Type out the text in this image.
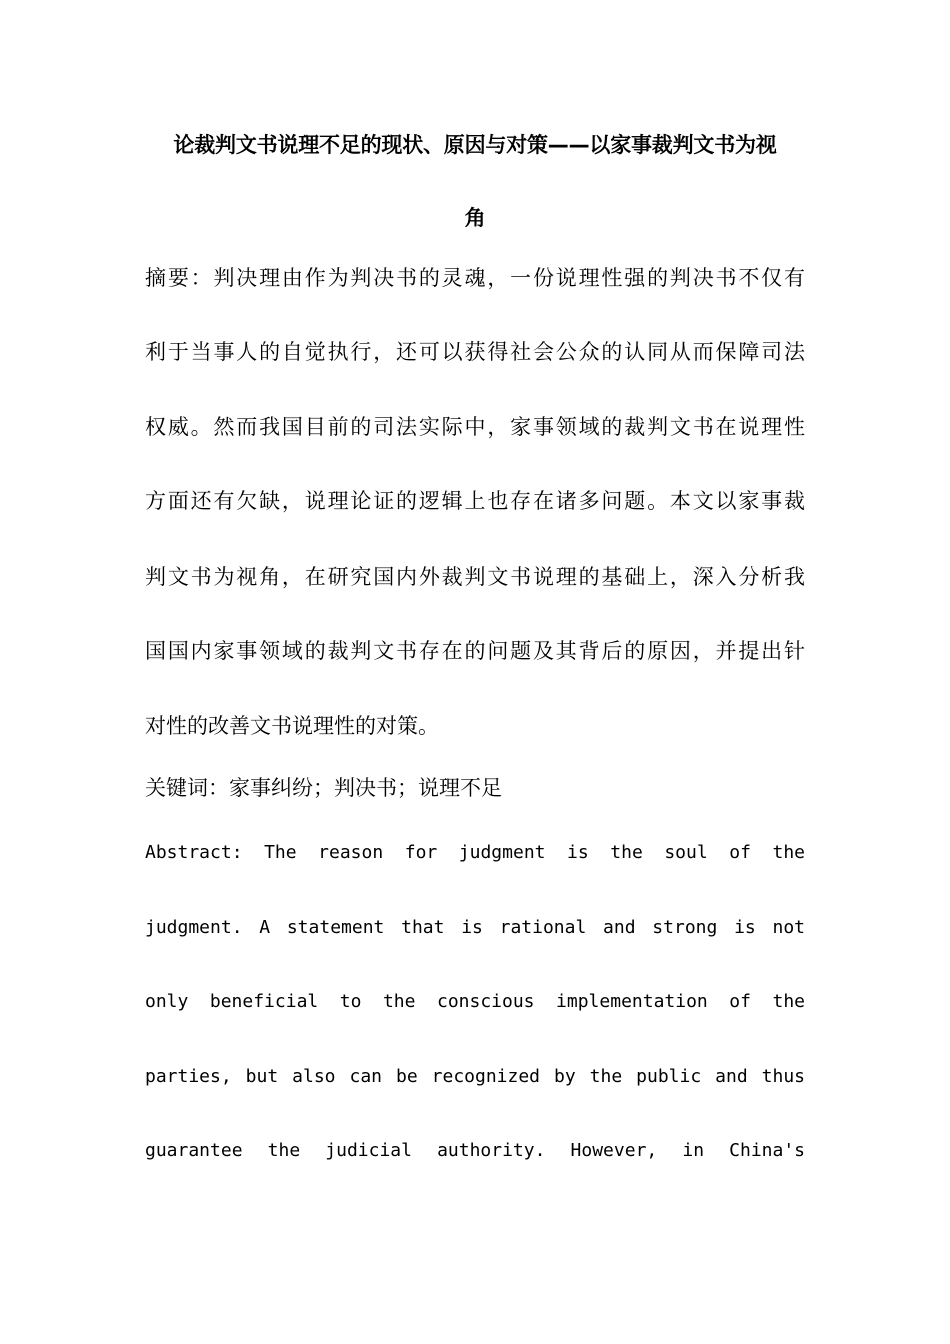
论裁判文书说理不足的现状、原因与对策——以家事裁判文书为视
角
摘要：判决理由作为判决书的灵魂，一份说理性强的判决书不仅有
利于当事人的自觉执行，还可以获得社会公众的认同从而保障司法
权威。然而我国目前的司法实际中，家事领域的裁判文书在说理性
方面还有欠缺，说理论证的逻辑上也存在诸多问题。本文以家事裁
判文书为视角，在研究国内外裁判文书说理的基础上，深入分析我
国国内家事领域的裁判文书存在的问题及其背后的原因，并提出针
对性的改善文书说理性的对策。
关键词：家事纠纷；判决书；说理不足
Abstract: The reason for judgment is the soul of the
judgment. A statement that is rational and strong is not
only beneficial to the conscious implementation of the
parties, but also can be recognized by the public and thus
guarantee the judicial authority. However, in China's
